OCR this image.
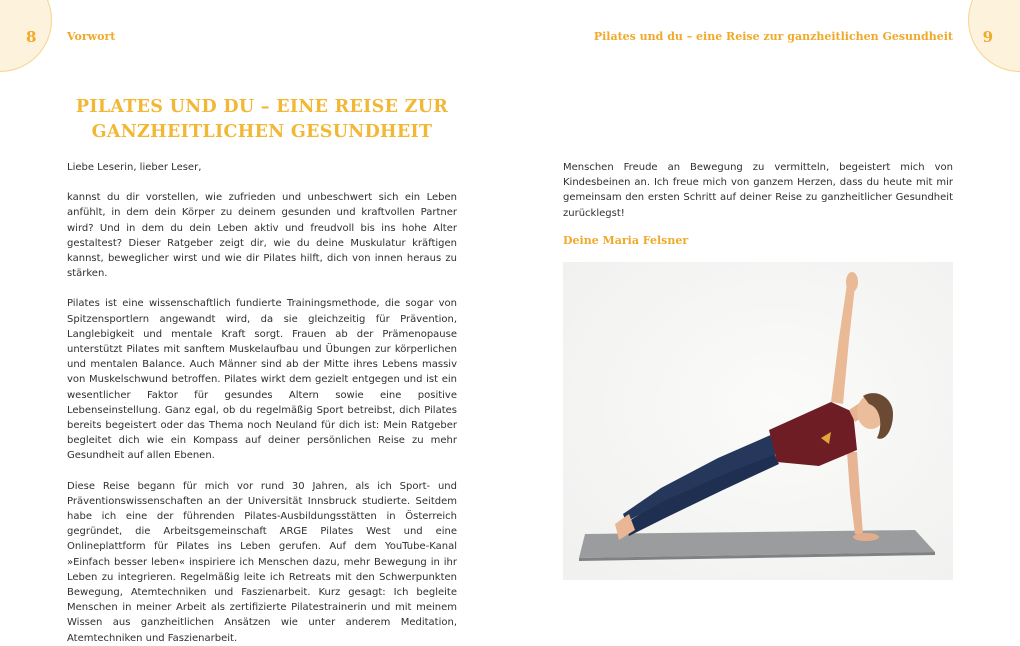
8	Vorwort
PILATES UND DU – EINE REISE ZUR
GANZHEITLICHEN GESUNDHEIT

Liebe Leserin, lieber Leser,

kannst du dir vorstellen, wie zufrieden und unbeschwert sich ein Leben anfühlt, in dem dein Körper zu deinem gesunden und kraftvollen Partner wird? Und in dem du dein Leben aktiv und freudvoll bis ins hohe Alter gestaltest? Dieser Ratgeber zeigt dir, wie du deine Muskulatur kräftigen kannst, beweglicher wirst und wie dir Pilates hilft, dich von innen heraus zu stärken.

Pilates ist eine wissenschaftlich fundierte Trainingsmethode, die sogar von Spitzensportlern angewandt wird, da sie gleichzeitig für Prävention, Langlebigkeit und mentale Kraft sorgt. Frauen ab der Prämenopause unterstützt Pilates mit sanftem Muskelaufbau und Übungen zur körperlichen und mentalen Balance. Auch Männer sind ab der Mitte ihres Lebens massiv von Muskelschwund betroffen. Pilates wirkt dem gezielt entgegen und ist ein wesentlicher Faktor für gesundes Altern sowie eine positive Lebenseinstellung. Ganz egal, ob du regelmäßig Sport betreibst, dich Pilates bereits begeistert oder das Thema noch Neuland für dich ist: Mein Ratgeber begleitet dich wie ein Kompass auf deiner persönlichen Reise zu mehr Gesundheit auf allen Ebenen.

Diese Reise begann für mich vor rund 30 Jahren, als ich Sport- und Präventionswissenschaften an der Universität Innsbruck studierte. Seitdem habe ich eine der führenden Pilates-Ausbildungsstätten in Österreich gegründet, die Arbeitsgemeinschaft ARGE Pilates West und eine Onlineplattform für Pilates ins Leben gerufen. Auf dem YouTube-Kanal »Einfach besser leben« inspiriere ich Menschen dazu, mehr Bewegung in ihr Leben zu integrieren. Regelmäßig leite ich Retreats mit den Schwerpunkten Bewegung, Atemtechniken und Faszienarbeit. Kurz gesagt: Ich begleite Menschen in meiner Arbeit als zertifizierte Pilatestrainerin und mit meinem Wissen aus ganzheitlichen Ansätzen wie unter anderem Meditation, Atemtechniken und Faszienarbeit.

9
Pilates und du – eine Reise zur ganzheitlichen Gesundheit

Menschen Freude an Bewegung zu vermitteln, begeistert mich von Kindesbeinen an. Ich freue mich von ganzem Herzen, dass du heute mit mir gemeinsam den ersten Schritt auf deiner Reise zu ganzheitlicher Gesundheit zurücklegst!

Deine Maria Felsner
